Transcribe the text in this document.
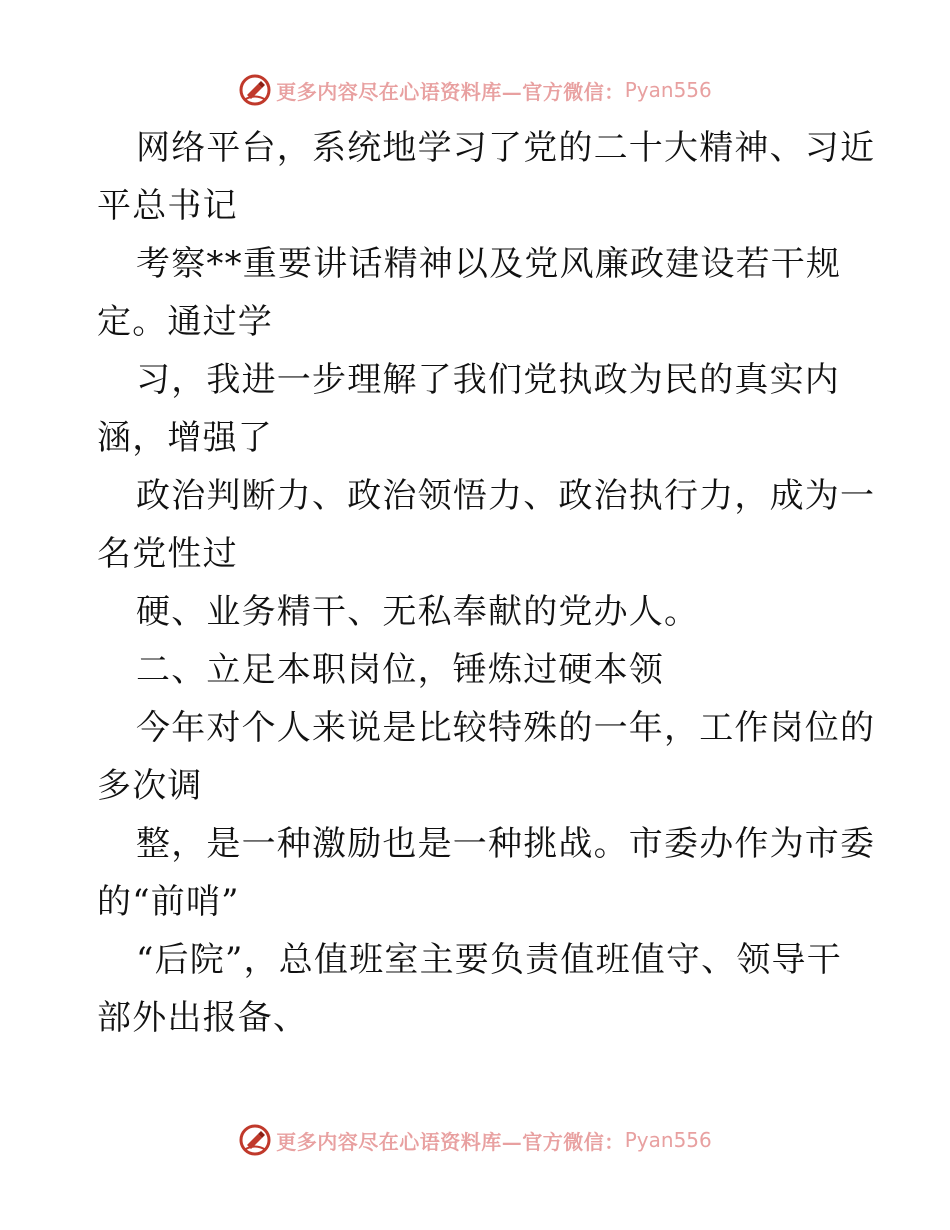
更多内容尽在心语资料库—官方微信： Pyan556
网络平台，系统地学习了党的二十大精神、习近
平总书记
考察**重要讲话精神以及党风廉政建设若干规
定。通过学
习，我进一步理解了我们党执政为民的真实内
涵，增强了
政治判断力、政治领悟力、政治执行力，成为一
名党性过
硬、业务精干、无私奉献的党办人。
二、立足本职岗位，锤炼过硬本领
今年对个人来说是比较特殊的一年，工作岗位的
多次调
整，是一种激励也是一种挑战。市委办作为市委
的“前哨”
“后院”，总值班室主要负责值班值守、领导干
部外出报备、
更多内容尽在心语资料库—官方微信： Pyan556
